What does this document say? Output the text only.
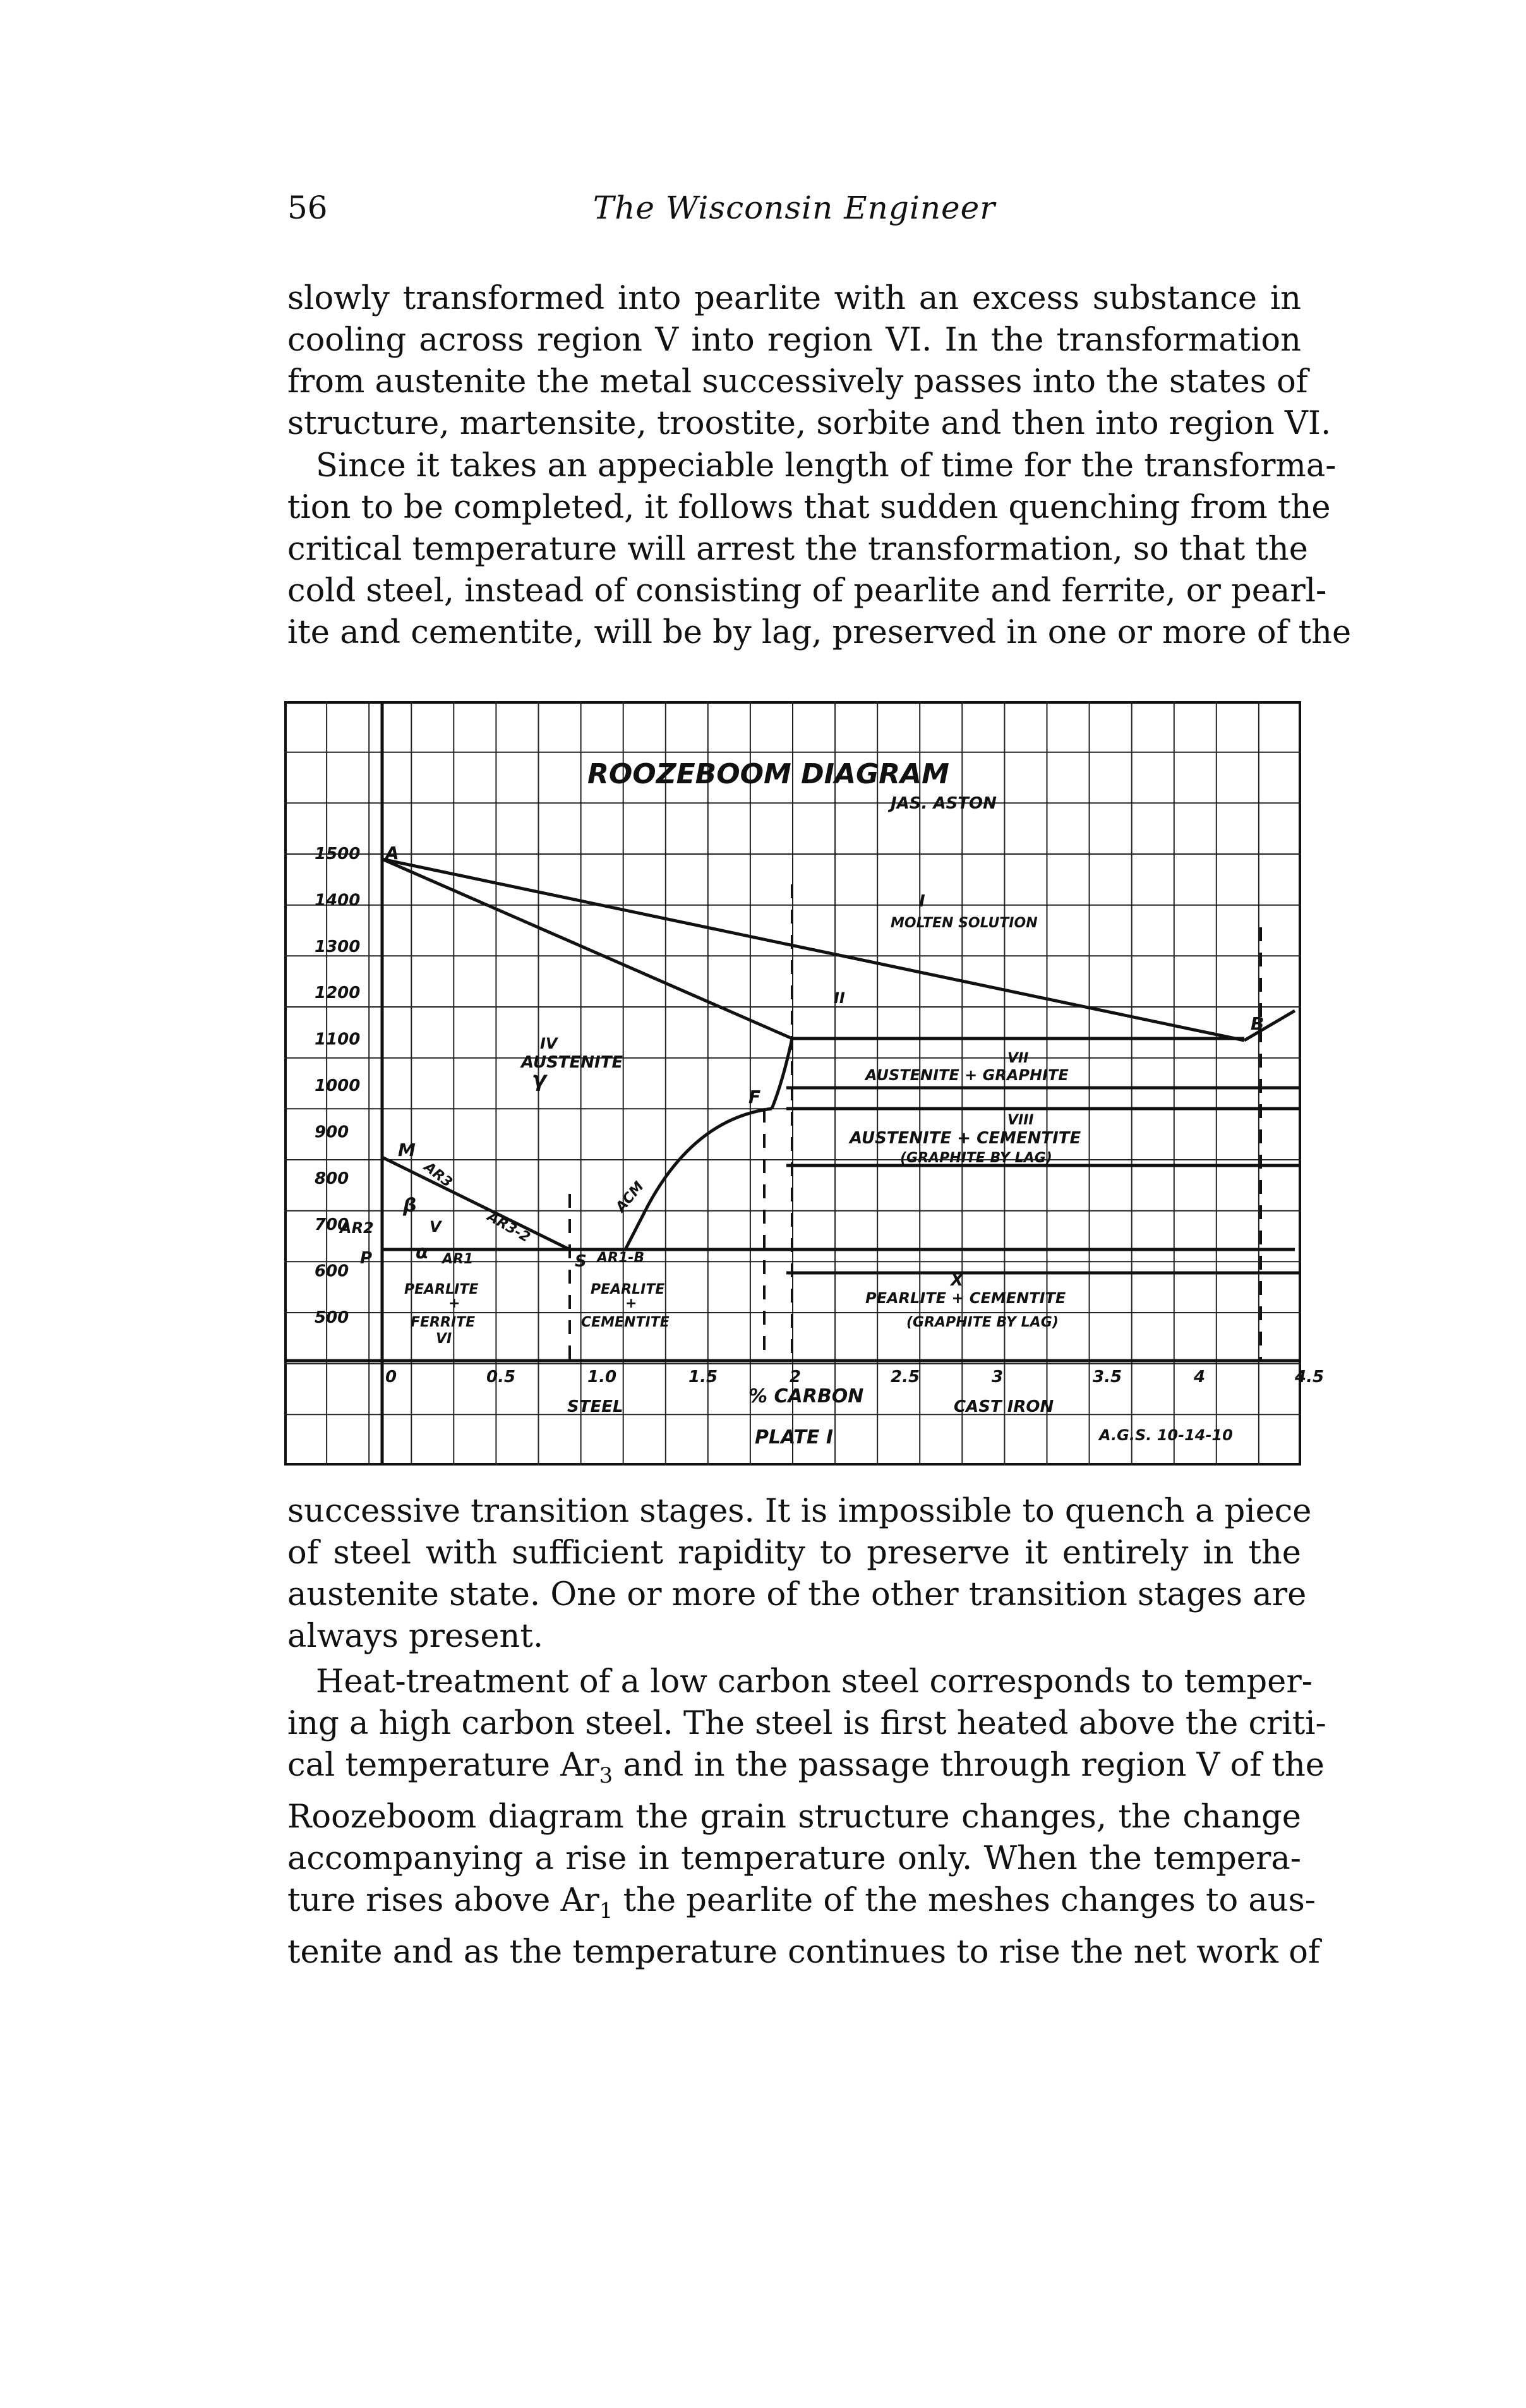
56	The Wisconsin Engineer
slowly transformed into pearlite with an excess substance in
cooling across region V into region VI. In the transformation
from austenite the metal successively passes into the states of
structure, martensite, troostite, sorbite and then into region VI.
Since it takes an appeciable length of time for the transforma-
tion to be completed, it follows that sudden quenching from the
critical temperature will arrest the transformation, so that the
cold steel, instead of consisting of pearlite and ferrite, or pearl-
ite and cementite, will be by lag, preserved in one or more of the
1500
1400
1300
1200
1100
1000
900
800
700
600
500
0	0.5	1.0	1.5	2	2.5	3	3.5	4	4.5
ROOZEBOOM DIAGRAM
JAS. ASTON
PLATE I	A.G.S. 10-14-10
% CARBON
STEEL	CAST IRON
A
B
M
F
P	S
β
α
γ
AR2
AR3
AR3-2
AR1
ACM
AR1-B
I
MOLTEN SOLUTION
II
IV
AUSTENITE
V
PEARLITE
+
FERRITE
VI
PEARLITE
+
CEMENTITE
VII
AUSTENITE + GRAPHITE
VIII
AUSTENITE + CEMENTITE
(GRAPHITE BY LAG)
X
PEARLITE + CEMENTITE
(GRAPHITE BY LAG)
successive transition stages. It is impossible to quench a piece
of steel with sufficient rapidity to preserve it entirely in the
austenite state. One or more of the other transition stages are
always present.
Heat-treatment of a low carbon steel corresponds to temper-
ing a high carbon steel. The steel is first heated above the criti-
cal temperature $Ar_3$ and in the passage through region V of the
Roozeboom diagram the grain structure changes, the change
accompanying a rise in temperature only. When the tempera-
ture rises above $Ar_1$ the pearlite of the meshes changes to aus-
tenite and as the temperature continues to rise the net work of
